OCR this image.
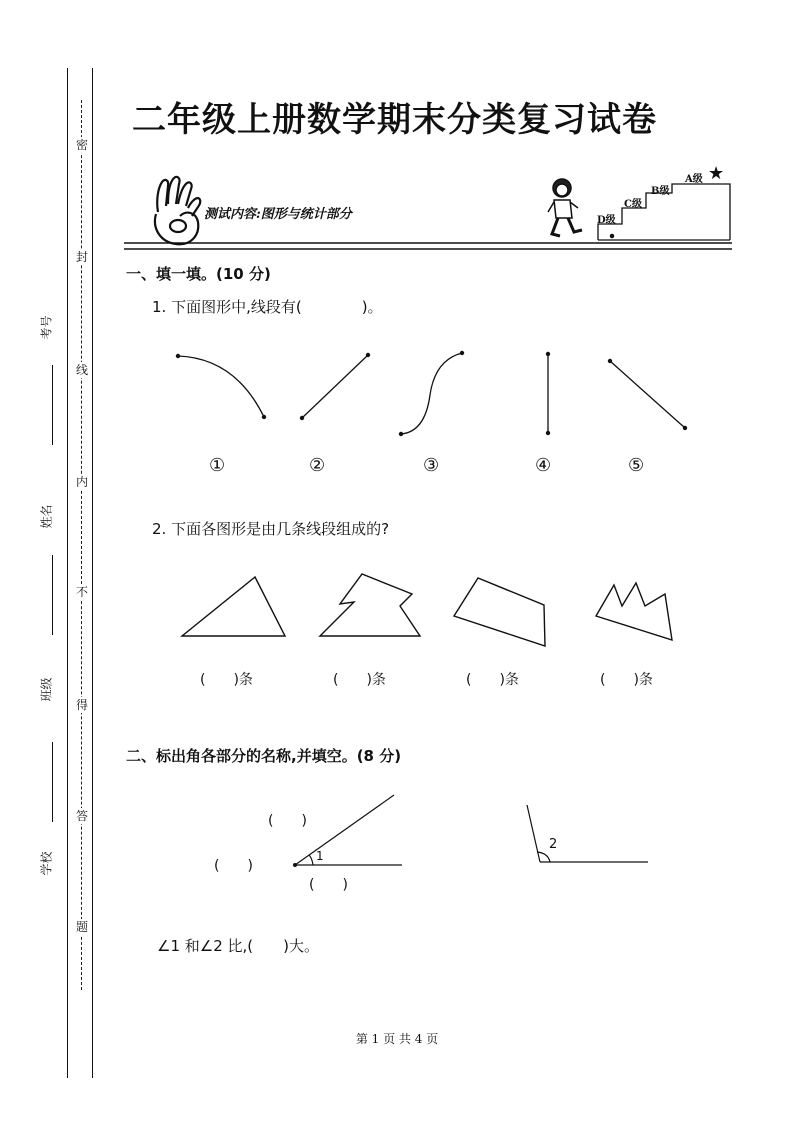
密
封
线
内
不
得
答
题
考号
姓名
班级
学校
二年级上册数学期末分类复习试卷
测试内容:图形与统计部分	D级
C级
B级
A级 ★
一、填一填。(10 分)
1. 下面图形中,线段有(　　　　)。
①	②	③	④	⑤
2. 下面各图形是由几条线段组成的?
(　　)条	(　　)条	(　　)条	(　　)条
二、标出角各部分的名称,并填空。(8 分)
(　　)
(　　)
(　　)
1
2
∠1 和∠2 比,(　　)大。
第 1 页 共 4 页
